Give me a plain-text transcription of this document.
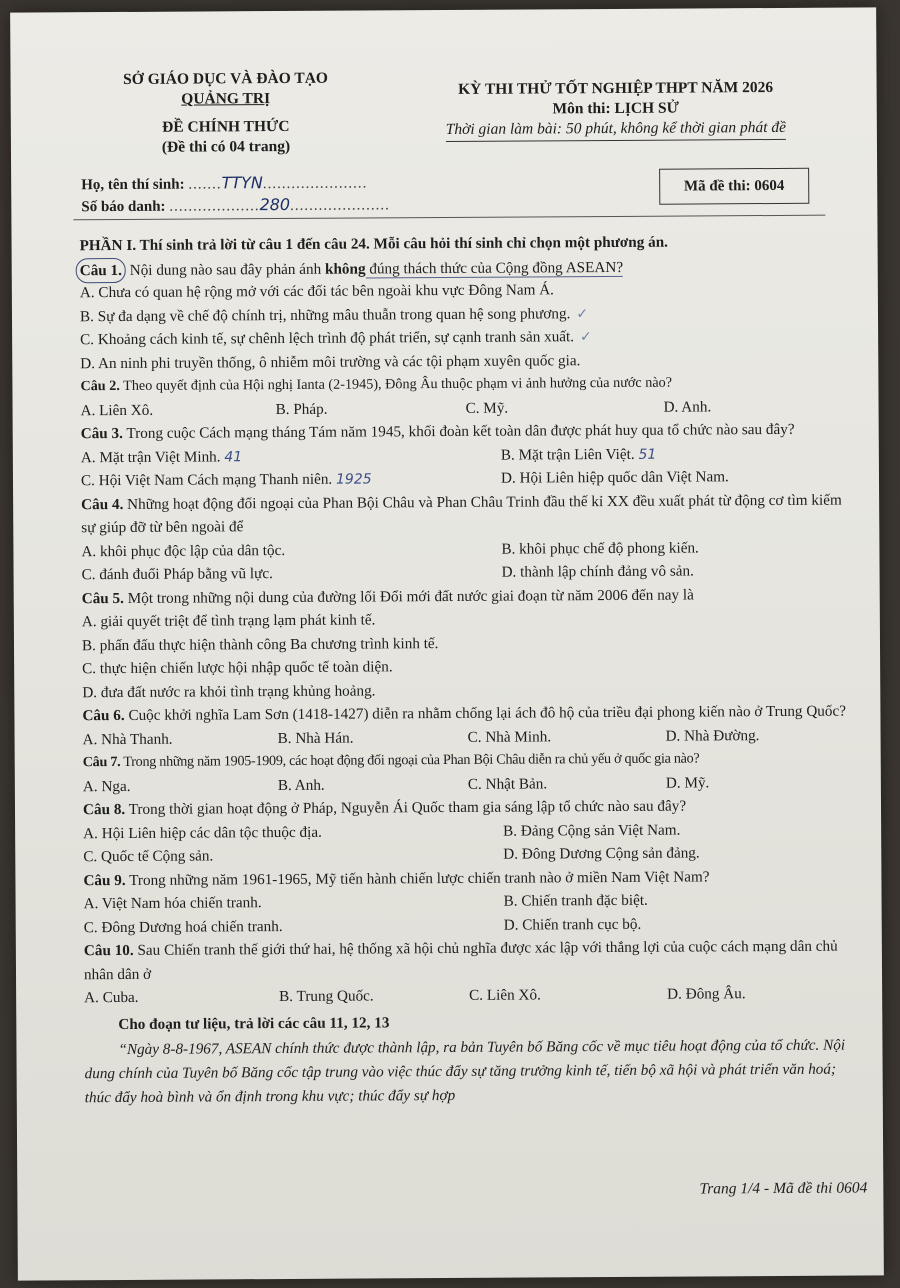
SỞ GIÁO DỤC VÀ ĐÀO TẠO
QUẢNG TRỊ
ĐỀ CHÍNH THỨC
(Đề thi có 04 trang)
KỲ THI THỬ TỐT NGHIỆP THPT NĂM 2026
Môn thi: LỊCH SỬ
Thời gian làm bài: 50 phút, không kể thời gian phát đề
Họ, tên thí sinh: .......TTYN......................
Số báo danh: ...................280.....................
Mã đề thi: 0604
PHẦN I. Thí sinh trả lời từ câu 1 đến câu 24. Mỗi câu hỏi thí sinh chỉ chọn một phương án.
Câu 1. Nội dung nào sau đây phản ánh không đúng thách thức của Cộng đồng ASEAN?
A. Chưa có quan hệ rộng mở với các đối tác bên ngoài khu vực Đông Nam Á.
B. Sự đa dạng về chế độ chính trị, những mâu thuẫn trong quan hệ song phương. ✓
C. Khoảng cách kinh tế, sự chênh lệch trình độ phát triển, sự cạnh tranh sản xuất. ✓
D. An ninh phi truyền thống, ô nhiễm môi trường và các tội phạm xuyên quốc gia.
Câu 2. Theo quyết định của Hội nghị Ianta (2-1945), Đông Âu thuộc phạm vi ảnh hưởng của nước nào?
A. Liên Xô.	B. Pháp.	C. Mỹ.	D. Anh.
Câu 3. Trong cuộc Cách mạng tháng Tám năm 1945, khối đoàn kết toàn dân được phát huy qua tổ chức nào sau đây?
A. Mặt trận Việt Minh. 41	B. Mặt trận Liên Việt. 51
C. Hội Việt Nam Cách mạng Thanh niên. 1925	D. Hội Liên hiệp quốc dân Việt Nam.
Câu 4. Những hoạt động đối ngoại của Phan Bội Châu và Phan Châu Trinh đầu thế kỉ XX đều xuất phát từ động cơ tìm kiếm sự giúp đỡ từ bên ngoài để
A. khôi phục độc lập của dân tộc.	B. khôi phục chế độ phong kiến.
C. đánh đuổi Pháp bằng vũ lực.	D. thành lập chính đảng vô sản.
Câu 5. Một trong những nội dung của đường lối Đổi mới đất nước giai đoạn từ năm 2006 đến nay là
A. giải quyết triệt để tình trạng lạm phát kinh tế.
B. phấn đấu thực hiện thành công Ba chương trình kinh tế.
C. thực hiện chiến lược hội nhập quốc tế toàn diện.
D. đưa đất nước ra khỏi tình trạng khủng hoảng.
Câu 6. Cuộc khởi nghĩa Lam Sơn (1418-1427) diễn ra nhằm chống lại ách đô hộ của triều đại phong kiến nào ở Trung Quốc?
A. Nhà Thanh.	B. Nhà Hán.	C. Nhà Minh.	D. Nhà Đường.
Câu 7. Trong những năm 1905-1909, các hoạt động đối ngoại của Phan Bội Châu diễn ra chủ yếu ở quốc gia nào?
A. Nga.	B. Anh.	C. Nhật Bản.	D. Mỹ.
Câu 8. Trong thời gian hoạt động ở Pháp, Nguyễn Ái Quốc tham gia sáng lập tổ chức nào sau đây?
A. Hội Liên hiệp các dân tộc thuộc địa.	B. Đảng Cộng sản Việt Nam.
C. Quốc tế Cộng sản.	D. Đông Dương Cộng sản đảng.
Câu 9. Trong những năm 1961-1965, Mỹ tiến hành chiến lược chiến tranh nào ở miền Nam Việt Nam?
A. Việt Nam hóa chiến tranh.	B. Chiến tranh đặc biệt.
C. Đông Dương hoá chiến tranh.	D. Chiến tranh cục bộ.
Câu 10. Sau Chiến tranh thế giới thứ hai, hệ thống xã hội chủ nghĩa được xác lập với thắng lợi của cuộc cách mạng dân chủ nhân dân ở
A. Cuba.	B. Trung Quốc.	C. Liên Xô.	D. Đông Âu.
Cho đoạn tư liệu, trả lời các câu 11, 12, 13
“Ngày 8-8-1967, ASEAN chính thức được thành lập, ra bản Tuyên bố Băng cốc về mục tiêu hoạt động của tổ chức. Nội dung chính của Tuyên bố Băng cốc tập trung vào việc thúc đẩy sự tăng trưởng kinh tế, tiến bộ xã hội và phát triển văn hoá; thúc đẩy hoà bình và ổn định trong khu vực; thúc đẩy sự hợp
Trang 1/4 - Mã đề thi 0604
